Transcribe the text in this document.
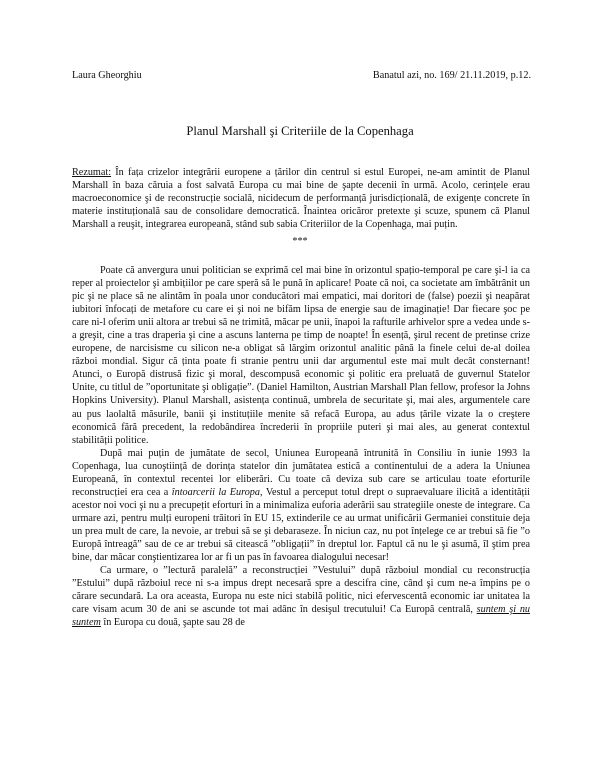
Laura Gheorghiu	Banatul azi, no. 169/ 21.11.2019, p.12.
Planul Marshall şi Criteriile de la Copenhaga
Rezumat: În fața crizelor integrării europene a țărilor din centrul si estul Europei, ne-am amintit de Planul Marshall în baza căruia a fost salvată Europa cu mai bine de şapte decenii în urmă. Acolo, cerințele erau macroeconomice şi de reconstrucție socială, nicidecum de performanță jurisdicțională, de exigențe concrete în materie instituțională sau de consolidare democratică. Înaintea oricăror pretexte şi scuze, spunem că Planul Marshall a reuşit, integrarea europeană, stând sub sabia Criteriilor de la Copenhaga, mai puțin.
***

Poate că anvergura unui politician se exprimă cel mai bine în orizontul spațio-temporal pe care şi-l ia ca reper al proiectelor şi ambițiilor pe care speră să le pună în aplicare! Poate că noi, ca societate am îmbătrânit un pic şi ne place să ne alintăm în poala unor conducători mai empatici, mai doritori de (false) poezii şi neapărat iubitori înfocați de metafore cu care ei şi noi ne bifăm lipsa de energie sau de imaginație! Dar fiecare şoc pe care ni-l oferim unii altora ar trebui să ne trimită, măcar pe unii, înapoi la rafturile arhivelor spre a vedea unde s-a greşit, cine a tras draperia şi cine a ascuns lanterna pe timp de noapte! În esență, şirul recent de pretinse crize europene, de narcisisme cu silicon ne-a obligat să lărgim orizontul analitic până la finele celui de-al doilea război mondial. Sigur că ținta poate fi stranie pentru unii dar argumentul este mai mult decât consternant! Atunci, o Europă distrusă fizic şi moral, descompusă economic şi politic era preluată de guvernul Statelor Unite, cu titlul de ”oportunitate şi obligație”. (Daniel Hamilton, Austrian Marshall Plan fellow, profesor la Johns Hopkins University). Planul Marshall, asistența continuă, umbrela de securitate şi, mai ales, argumentele care au pus laolaltă măsurile, banii şi instituțiile menite să refacă Europa, au adus țările vizate la o creştere economică fără precedent, la redobândirea încrederii în propriile puteri şi mai ales, au generat contextul stabilității politice.

După mai puțin de jumătate de secol, Uniunea Europeană întrunită în Consiliu în iunie 1993 la Copenhaga, lua cunoştiință de dorința statelor din jumătatea estică a continentului de a adera la Uniunea Europeană, în contextul recentei lor eliberări. Cu toate că deviza sub care se articulau toate eforturile reconstrucției era cea a întoarcerii la Europa, Vestul a perceput totul drept o supraevaluare ilicită a identității acestor noi voci şi nu a precupețit eforturi în a minimaliza euforia aderării sau strategiile oneste de integrare. Ca urmare azi, pentru mulți europeni trăitori în EU 15, extinderile ce au urmat unificării Germaniei constituie deja un prea mult de care, la nevoie, ar trebui să se şi debaraseze. În niciun caz, nu pot înțelege ce ar trebui să fie ”o Europă întreagă” sau de ce ar trebui să citească ”obligații” în dreptul lor. Faptul că nu le şi asumă, îl ştim prea bine, dar măcar conştientizarea lor ar fi un pas în favoarea dialogului necesar!

Ca urmare, o ”lectură paralelă” a reconstrucției ”Vestului” după războiul mondial cu reconstrucția ”Estului” după războiul rece ni s-a impus drept necesară spre a descifra cine, când şi cum ne-a împins pe o cărare secundară. La ora aceasta, Europa nu este nici stabilă politic, nici efervescentă economic iar unitatea la care visam acum 30 de ani se ascunde tot mai adânc în desişul trecutului! Ca Europă centrală, suntem şi nu suntem în Europa cu două, şapte sau 28 de
